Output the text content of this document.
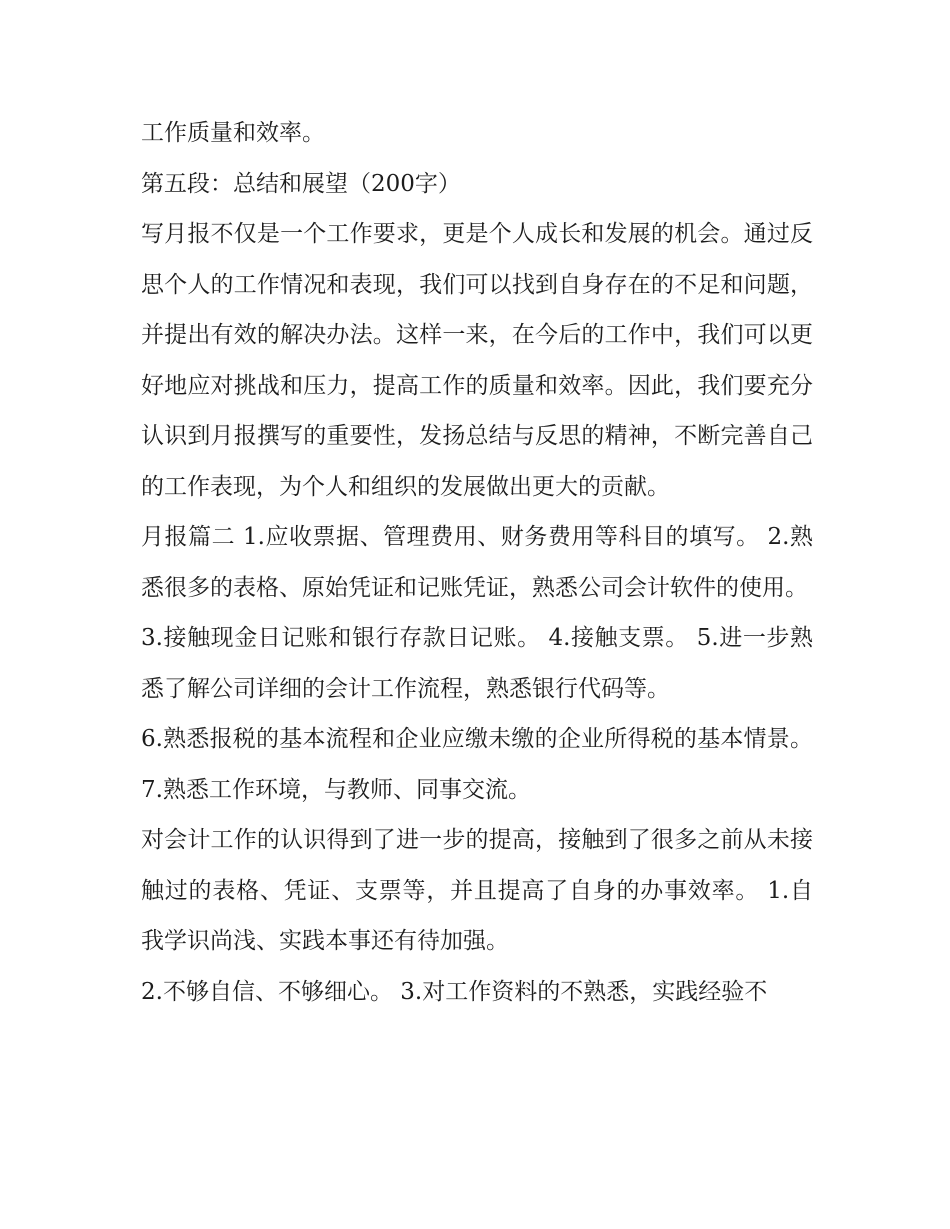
工作质量和效率。

第五段：总结和展望（200字）

写月报不仅是一个工作要求，更是个人成长和发展的机会。通过反思个人的工作情况和表现，我们可以找到自身存在的不足和问题，并提出有效的解决办法。这样一来，在今后的工作中，我们可以更好地应对挑战和压力，提高工作的质量和效率。因此，我们要充分认识到月报撰写的重要性，发扬总结与反思的精神，不断完善自己的工作表现，为个人和组织的发展做出更大的贡献。

月报篇二 1.应收票据、管理费用、财务费用等科目的填写。 2.熟悉很多的表格、原始凭证和记账凭证，熟悉公司会计软件的使用。

3.接触现金日记账和银行存款日记账。 4.接触支票。 5.进一步熟悉了解公司详细的会计工作流程，熟悉银行代码等。

6.熟悉报税的基本流程和企业应缴未缴的企业所得税的基本情景。 7.熟悉工作环境，与教师、同事交流。

对会计工作的认识得到了进一步的提高，接触到了很多之前从未接触过的表格、凭证、支票等，并且提高了自身的办事效率。 1.自我学识尚浅、实践本事还有待加强。

2.不够自信、不够细心。 3.对工作资料的不熟悉，实践经验不
